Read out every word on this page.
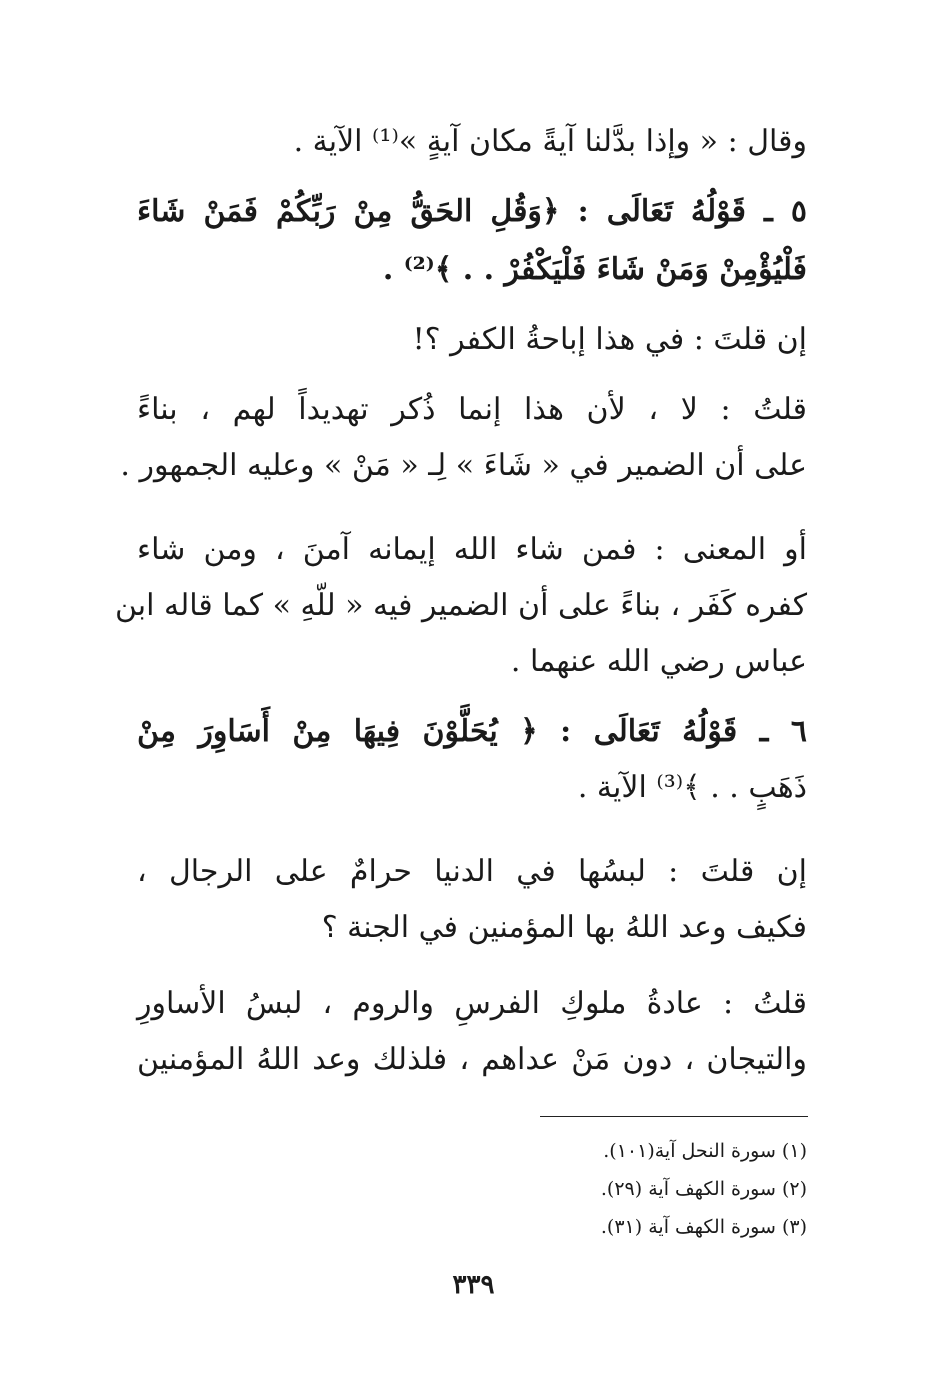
وقال : « وإذا بدَّلنا آيةً مكان آيةٍ »⁽¹⁾ الآية .
٥ ـ قَوْلُهُ تَعَالَى : ﴿وَقُلِ الحَقُّ مِنْ رَبِّكُمْ فَمَنْ شَاءَ
فَلْيُؤْمِنْ وَمَنْ شَاءَ فَلْيَكْفُرْ . . ﴾⁽²⁾ .
إن قلتَ : في هذا إباحةُ الكفر ؟!
قلتُ : لا ، لأن هذا إنما ذُكر تهديداً لهم ، بناءً
على أن الضمير في « شَاءَ » لِـ « مَنْ » وعليه الجمهور .
أو المعنى : فمن شاء الله إيمانه آمنَ ، ومن شاء
كفره كَفَر ، بناءً على أن الضمير فيه « للّهِ » كما قاله ابن
عباس رضي الله عنهما .
٦ ـ قَوْلُهُ تَعَالَى : ﴿ يُحَلَّوْنَ فِيهَا مِنْ أَسَاوِرَ مِنْ
ذَهَبٍ . . ﴾⁽³⁾ الآية .
إن قلتَ : لبسُها في الدنيا حرامٌ على الرجال ،
فكيف وعد اللهُ بها المؤمنين في الجنة ؟
قلتُ : عادةُ ملوكِ الفرسِ والروم ، لبسُ الأساورِ
والتيجان ، دون مَنْ عداهم ، فلذلك وعد اللهُ المؤمنين
(١) سورة النحل آية(١٠١).
(٢) سورة الكهف آية (٢٩).
(٣) سورة الكهف آية (٣١).
٣٣٩
